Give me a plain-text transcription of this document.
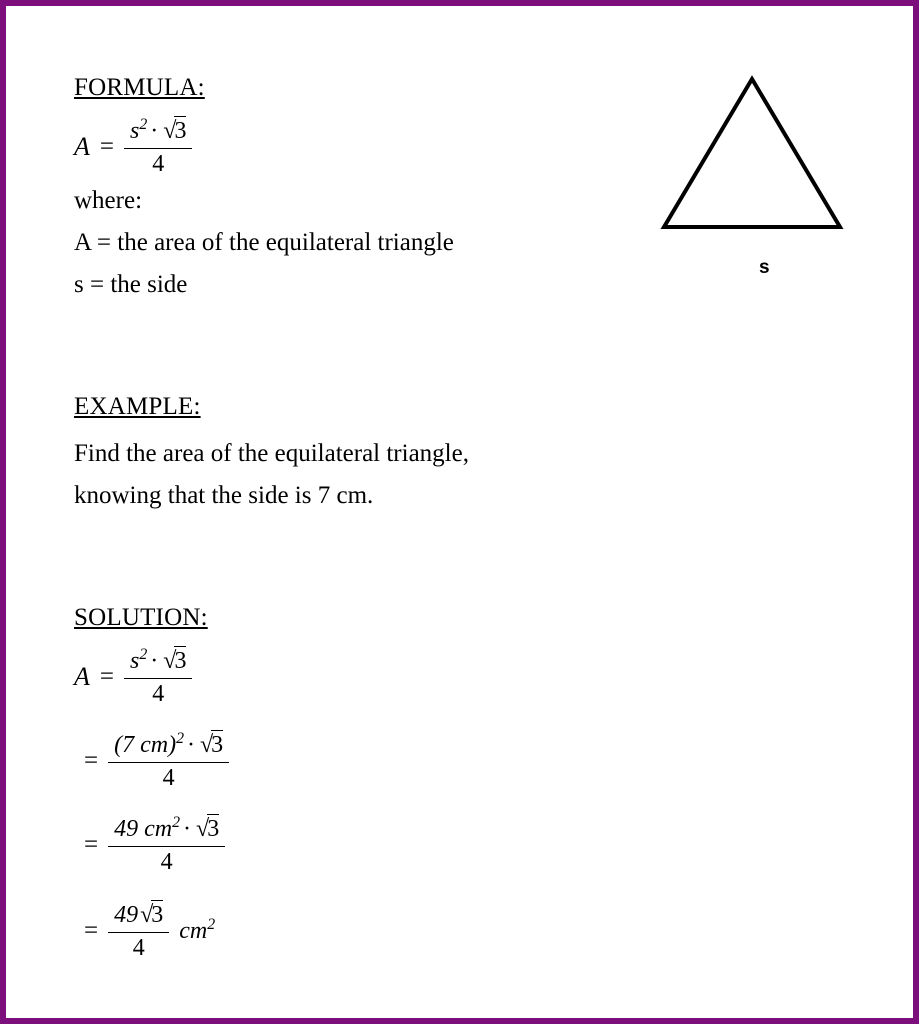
FORMULA:
$A = \frac{s^2 \cdot √3}{4}$
where:
A = the area of the equilateral triangle
s = the side
s
EXAMPLE:
Find the area of the equilateral triangle,
knowing that the side is 7 cm.
SOLUTION:
$A = \frac{s^2 \cdot √3}{4}$
= $\frac{(7 cm)^2 \cdot √3}{4}$
= $\frac{49 cm^2 \cdot √3}{4}$
= $\frac{49√3}{4} cm^2$
